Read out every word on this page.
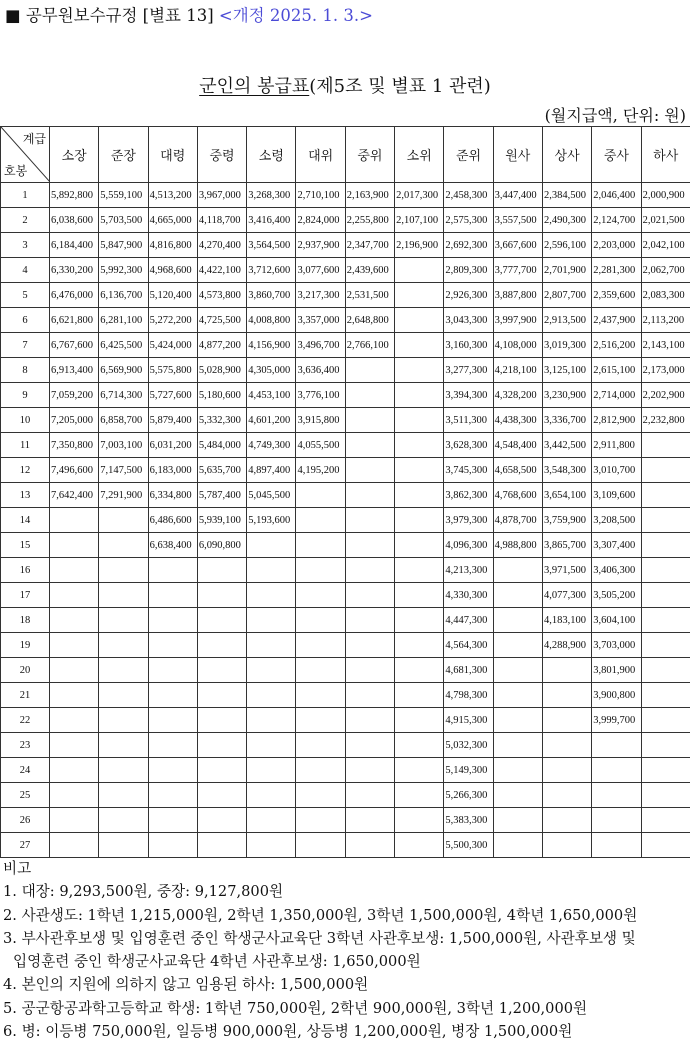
■ 공무원보수규정 [별표 13] <개정 2025. 1. 3.>
군인의 봉급표(제5조 및 별표 1 관련)
(월지급액, 단위: 원)
계급
호봉	소장	준장	대령	중령	소령	대위	중위	소위	준위	원사	상사	중사	하사
1	5,892,800	5,559,100	4,513,200	3,967,000	3,268,300	2,710,100	2,163,900	2,017,300	2,458,300	3,447,400	2,384,500	2,046,400	2,000,900
2	6,038,600	5,703,500	4,665,000	4,118,700	3,416,400	2,824,000	2,255,800	2,107,100	2,575,300	3,557,500	2,490,300	2,124,700	2,021,500
3	6,184,400	5,847,900	4,816,800	4,270,400	3,564,500	2,937,900	2,347,700	2,196,900	2,692,300	3,667,600	2,596,100	2,203,000	2,042,100
4	6,330,200	5,992,300	4,968,600	4,422,100	3,712,600	3,077,600	2,439,600		2,809,300	3,777,700	2,701,900	2,281,300	2,062,700
5	6,476,000	6,136,700	5,120,400	4,573,800	3,860,700	3,217,300	2,531,500		2,926,300	3,887,800	2,807,700	2,359,600	2,083,300
6	6,621,800	6,281,100	5,272,200	4,725,500	4,008,800	3,357,000	2,648,800		3,043,300	3,997,900	2,913,500	2,437,900	2,113,200
7	6,767,600	6,425,500	5,424,000	4,877,200	4,156,900	3,496,700	2,766,100		3,160,300	4,108,000	3,019,300	2,516,200	2,143,100
8	6,913,400	6,569,900	5,575,800	5,028,900	4,305,000	3,636,400			3,277,300	4,218,100	3,125,100	2,615,100	2,173,000
9	7,059,200	6,714,300	5,727,600	5,180,600	4,453,100	3,776,100			3,394,300	4,328,200	3,230,900	2,714,000	2,202,900
10	7,205,000	6,858,700	5,879,400	5,332,300	4,601,200	3,915,800			3,511,300	4,438,300	3,336,700	2,812,900	2,232,800
11	7,350,800	7,003,100	6,031,200	5,484,000	4,749,300	4,055,500			3,628,300	4,548,400	3,442,500	2,911,800	
12	7,496,600	7,147,500	6,183,000	5,635,700	4,897,400	4,195,200			3,745,300	4,658,500	3,548,300	3,010,700	
13	7,642,400	7,291,900	6,334,800	5,787,400	5,045,500				3,862,300	4,768,600	3,654,100	3,109,600	
14			6,486,600	5,939,100	5,193,600				3,979,300	4,878,700	3,759,900	3,208,500	
15			6,638,400	6,090,800					4,096,300	4,988,800	3,865,700	3,307,400	
16									4,213,300		3,971,500	3,406,300	
17									4,330,300		4,077,300	3,505,200	
18									4,447,300		4,183,100	3,604,100	
19									4,564,300		4,288,900	3,703,000	
20									4,681,300			3,801,900	
21									4,798,300			3,900,800	
22									4,915,300			3,999,700	
23									5,032,300				
24									5,149,300				
25									5,266,300				
26									5,383,300				
27									5,500,300				

비고

1. 대장: 9,293,500원, 중장: 9,127,800원

2. 사관생도: 1학년 1,215,000원, 2학년 1,350,000원, 3학년 1,500,000원, 4학년 1,650,000원

3. 부사관후보생 및 입영훈련 중인 학생군사교육단 3학년 사관후보생: 1,500,000원, 사관후보생 및

입영훈련 중인 학생군사교육단 4학년 사관후보생: 1,650,000원

4. 본인의 지원에 의하지 않고 임용된 하사: 1,500,000원

5. 공군항공과학고등학교 학생: 1학년 750,000원, 2학년 900,000원, 3학년 1,200,000원

6. 병: 이등병 750,000원, 일등병 900,000원, 상등병 1,200,000원, 병장 1,500,000원
